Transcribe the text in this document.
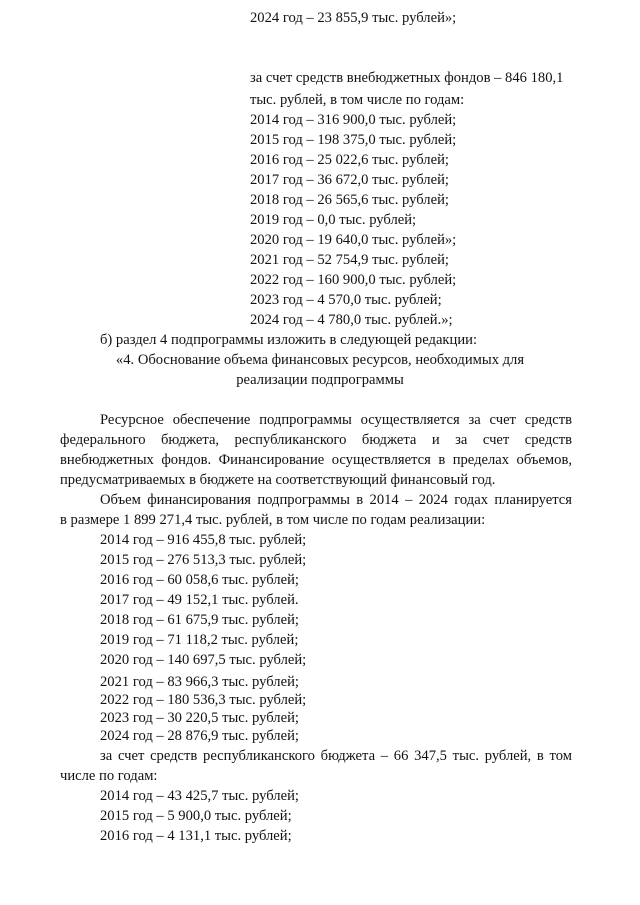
2024 год – 23 855,9 тыс. рублей»;

за счет средств внебюджетных фондов – 846 180,1

тыс. рублей, в том числе по годам:

2014 год – 316 900,0 тыс. рублей;

2015 год – 198 375,0 тыс. рублей;

2016 год – 25 022,6 тыс. рублей;

2017 год – 36 672,0 тыс. рублей;

2018 год – 26 565,6 тыс. рублей;

2019 год – 0,0 тыс. рублей;

2020 год – 19 640,0 тыс. рублей»;

2021 год – 52 754,9 тыс. рублей;

2022 год – 160 900,0 тыс. рублей;

2023 год – 4 570,0 тыс. рублей;

2024 год – 4 780,0 тыс. рублей.»;

б) раздел 4 подпрограммы изложить в следующей редакции:

«4. Обоснование объема финансовых ресурсов, необходимых для

реализации подпрограммы

Ресурсное обеспечение подпрограммы осуществляется за счет средств

федерального бюджета, республиканского бюджета и за счет средств

внебюджетных фондов. Финансирование осуществляется в пределах объемов,

предусматриваемых в бюджете на соответствующий финансовый год.

Объем финансирования подпрограммы в 2014 – 2024 годах планируется

в размере 1 899 271,4 тыс. рублей, в том числе по годам реализации:

2014 год – 916 455,8 тыс. рублей;

2015 год – 276 513,3 тыс. рублей;

2016 год – 60 058,6 тыс. рублей;

2017 год – 49 152,1 тыс. рублей.

2018 год – 61 675,9 тыс. рублей;

2019 год – 71 118,2 тыс. рублей;

2020 год – 140 697,5 тыс. рублей;

2021 год – 83 966,3 тыс. рублей;

2022 год – 180 536,3 тыс. рублей;

2023 год – 30 220,5 тыс. рублей;

2024 год – 28 876,9 тыс. рублей;

за счет средств республиканского бюджета – 66 347,5 тыс. рублей, в том

числе по годам:

2014 год – 43 425,7 тыс. рублей;

2015 год – 5 900,0 тыс. рублей;

2016 год – 4 131,1 тыс. рублей;
